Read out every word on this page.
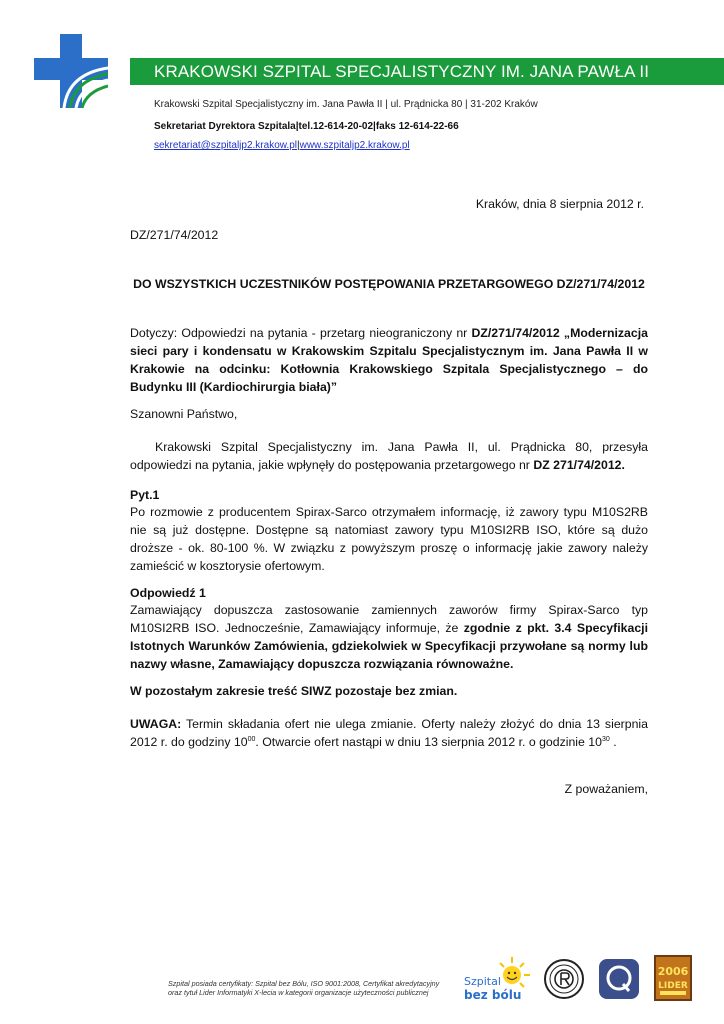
KRAKOWSKI SZPITAL SPECJALISTYCZNY IM. JANA PAWŁA II
Krakowski Szpital Specjalistyczny im. Jana Pawła II | ul. Prądnicka 80 | 31-202 Kraków
Sekretariat Dyrektora Szpitala|tel.12-614-20-02|faks 12-614-22-66
sekretariat@szpitaljp2.krakow.pl|www.szpitaljp2.krakow.pl
Kraków, dnia 8 sierpnia 2012 r.
DZ/271/74/2012
DO WSZYSTKICH UCZESTNIKÓW POSTĘPOWANIA PRZETARGOWEGO DZ/271/74/2012
Dotyczy: Odpowiedzi na pytania - przetarg nieograniczony nr DZ/271/74/2012 „Modernizacja sieci pary i kondensatu w Krakowskim Szpitalu Specjalistycznym im. Jana Pawła II w Krakowie na odcinku: Kotłownia Krakowskiego Szpitala Specjalistycznego – do Budynku III (Kardiochirurgia biała)”
Szanowni Państwo,
Krakowski Szpital Specjalistyczny im. Jana Pawła II, ul. Prądnicka 80, przesyła odpowiedzi na pytania, jakie wpłynęły do postępowania przetargowego nr DZ 271/74/2012.
Pyt.1
Po rozmowie z producentem Spirax-Sarco otrzymałem informację, iż zawory typu M10S2RB nie są już dostępne. Dostępne są natomiast zawory typu M10SI2RB ISO, które są dużo droższe - ok. 80-100 %. W związku z powyższym proszę o informację jakie zawory należy zamieścić w kosztorysie ofertowym.
Odpowiedź 1
Zamawiający dopuszcza zastosowanie zamiennych zaworów firmy Spirax-Sarco typ M10SI2RB ISO. Jednocześnie, Zamawiający informuje, że zgodnie z pkt. 3.4 Specyfikacji Istotnych Warunków Zamówienia, gdziekolwiek w Specyfikacji przywołane są normy lub nazwy własne, Zamawiający dopuszcza rozwiązania równoważne.
W pozostałym zakresie treść SIWZ pozostaje bez zmian.
UWAGA: Termin składania ofert nie ulega zmianie. Oferty należy złożyć do dnia 13 sierpnia 2012 r. do godziny $10^{00}$. Otwarcie ofert nastąpi w dniu 13 sierpnia 2012 r. o godzinie $10^{30}$ .
Z poważaniem,
Szpital posiada certyfikaty: Szpital bez Bólu, ISO 9001:2008, Certyfikat akredytacyjny
oraz tytuł Lider Informatyki X-lecia w kategorii organizacje użyteczności publicznej
Szpital
bez bólu
2006
LIDER
